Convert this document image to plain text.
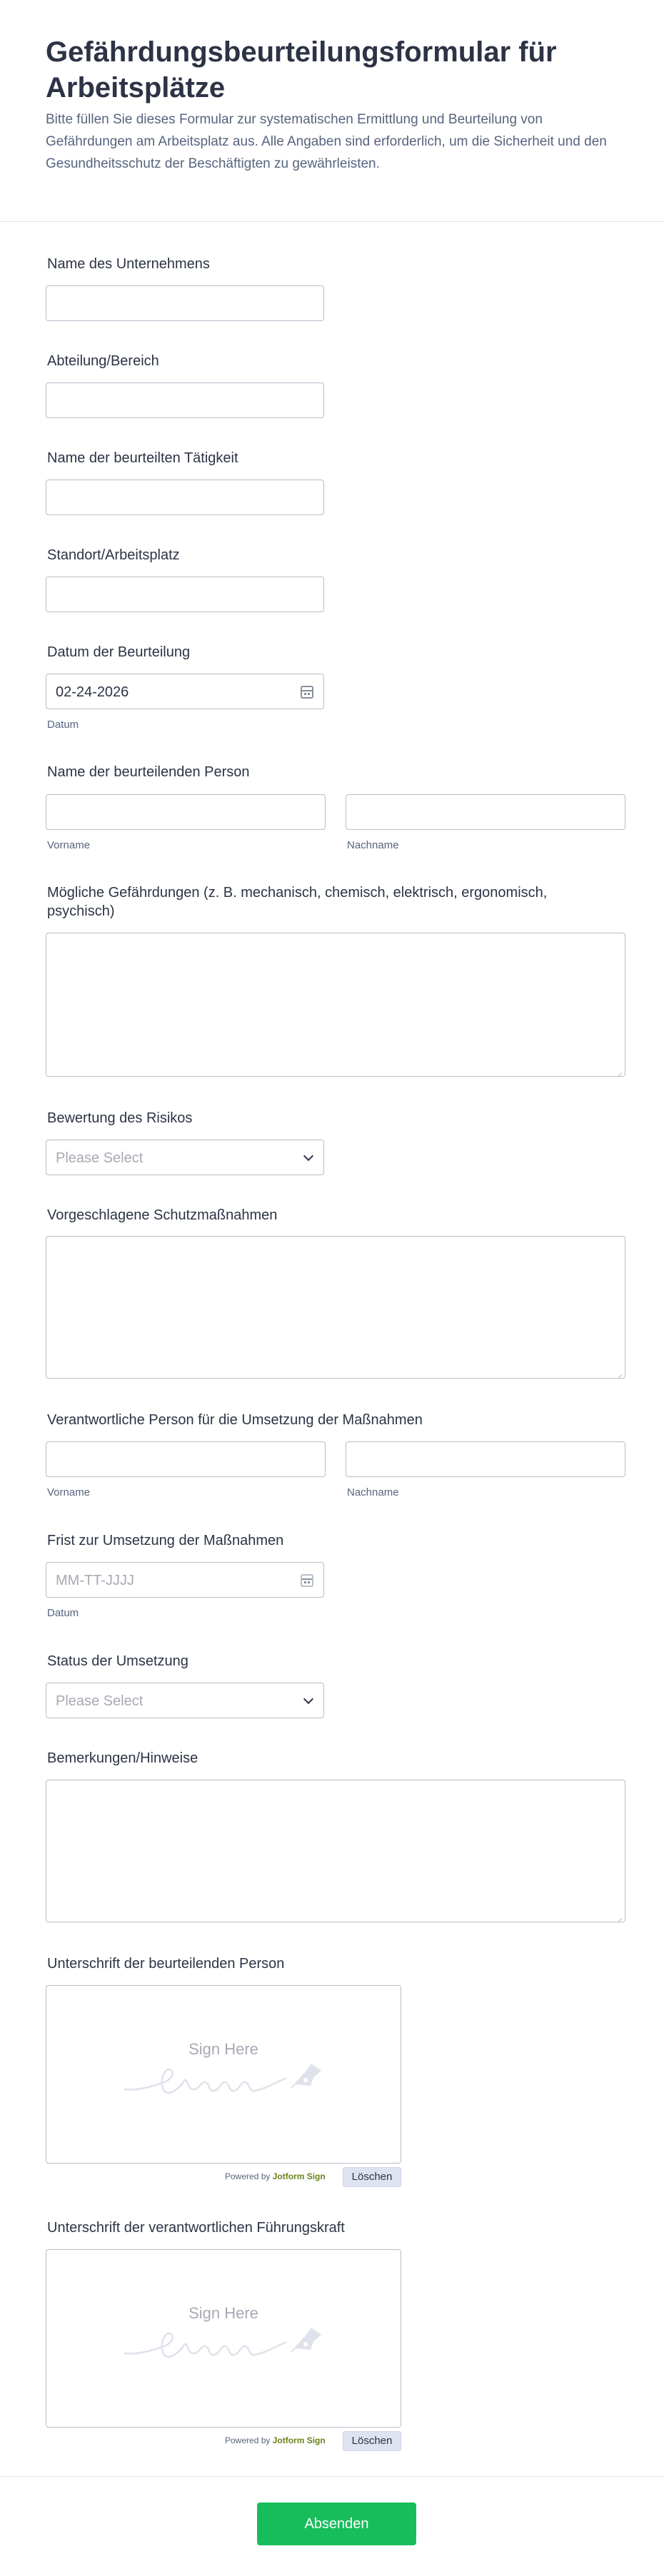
Gefährdungsbeurteilungsformular für Arbeitsplätze

Bitte füllen Sie dieses Formular zur systematischen Ermittlung und Beurteilung von Gefährdungen am Arbeitsplatz aus. Alle Angaben sind erforderlich, um die Sicherheit und den Gesundheitsschutz der Beschäftigten zu gewährleisten.

Name des Unternehmens
Abteilung/Bereich
Name der beurteilten Tätigkeit
Standort/Arbeitsplatz
Datum der Beurteilung
02-24-2026
Datum
Name der beurteilenden Person
Vorname	Nachname
Mögliche Gefährdungen (z. B. mechanisch, chemisch, elektrisch, ergonomisch, psychisch)
Bewertung des Risikos
Please Select
Vorgeschlagene Schutzmaßnahmen
Verantwortliche Person für die Umsetzung der Maßnahmen
Vorname	Nachname
Frist zur Umsetzung der Maßnahmen
MM-TT-JJJJ
Datum
Status der Umsetzung
Please Select
Bemerkungen/Hinweise
Unterschrift der beurteilenden Person
Sign Here
Powered by Jotform Sign	Löschen
Unterschrift der verantwortlichen Führungskraft
Sign Here
Powered by Jotform Sign	Löschen
Absenden
